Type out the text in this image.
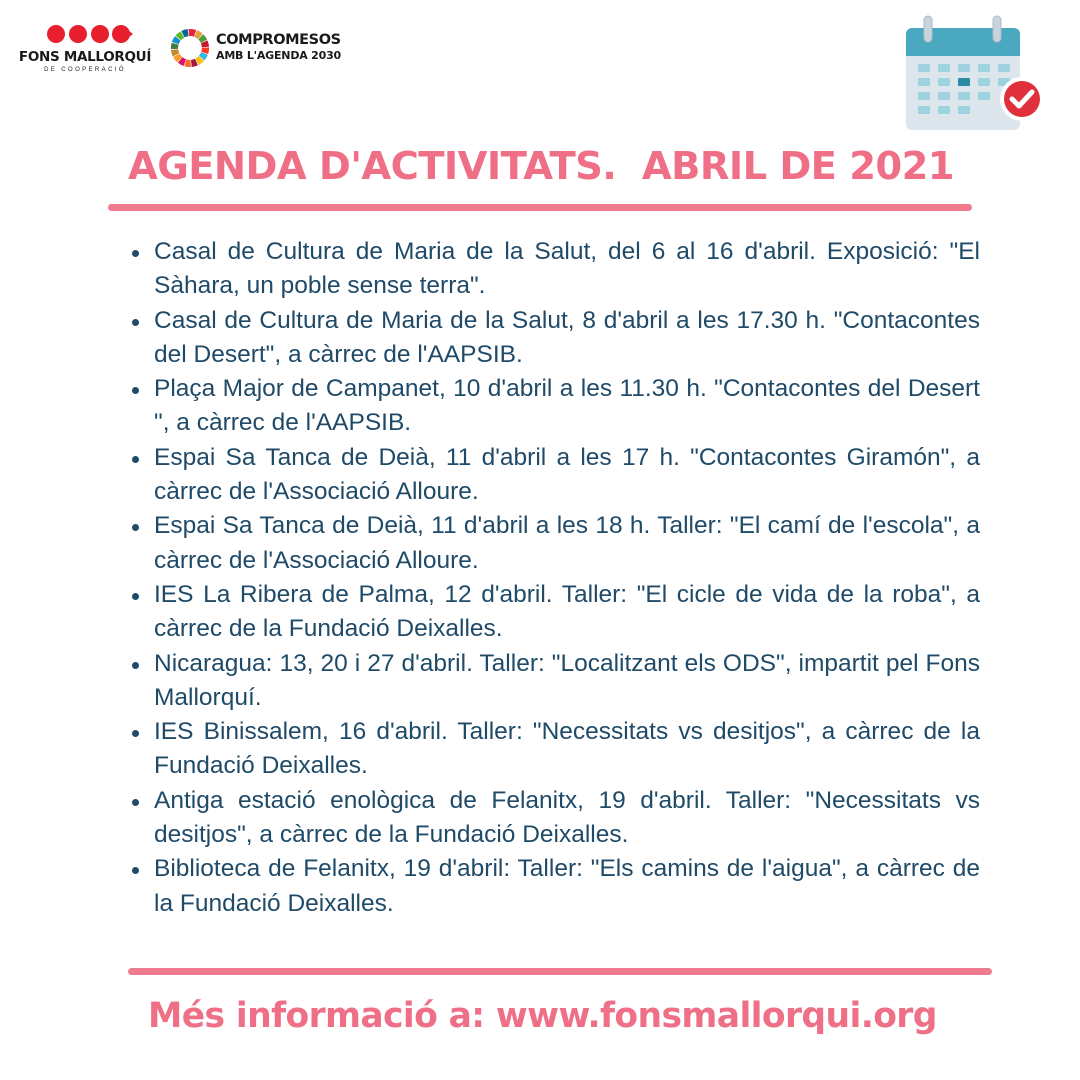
FONS MALLORQUÍ
DE COOPERACIÓ
COMPROMESOS
AMB L'AGENDA 2030
AGENDA D'ACTIVITATS.  ABRIL DE 2021
Casal de Cultura de Maria de la Salut, del 6 al 16 d'abril. Exposició: "El Sàhara, un poble sense terra".
Casal de Cultura de Maria de la Salut, 8 d'abril a les 17.30 h. "Contacontes del Desert", a càrrec de l'AAPSIB.
Plaça Major de Campanet, 10 d'abril a les 11.30 h. "Contacontes del Desert ", a càrrec de l'AAPSIB.
Espai Sa Tanca de Deià, 11 d'abril a les 17 h. "Contacontes Giramón", a càrrec de l'Associació Alloure.
Espai Sa Tanca de Deià, 11 d'abril a les 18 h. Taller: "El camí de l'escola", a càrrec de l'Associació Alloure.
IES La Ribera de Palma, 12 d'abril. Taller: "El cicle de vida de la roba", a càrrec de la Fundació Deixalles.
Nicaragua: 13, 20 i 27 d'abril. Taller: "Localitzant els ODS", impartit pel Fons Mallorquí.
IES Binissalem, 16 d'abril. Taller: "Necessitats vs desitjos", a càrrec de la Fundació Deixalles.
Antiga estació enològica de Felanitx, 19 d'abril. Taller: "Necessitats vs desitjos", a càrrec de la Fundació Deixalles.
Biblioteca de Felanitx, 19 d'abril: Taller: "Els camins de l'aigua", a càrrec de la Fundació Deixalles.
Més informació a: www.fonsmallorqui.org
